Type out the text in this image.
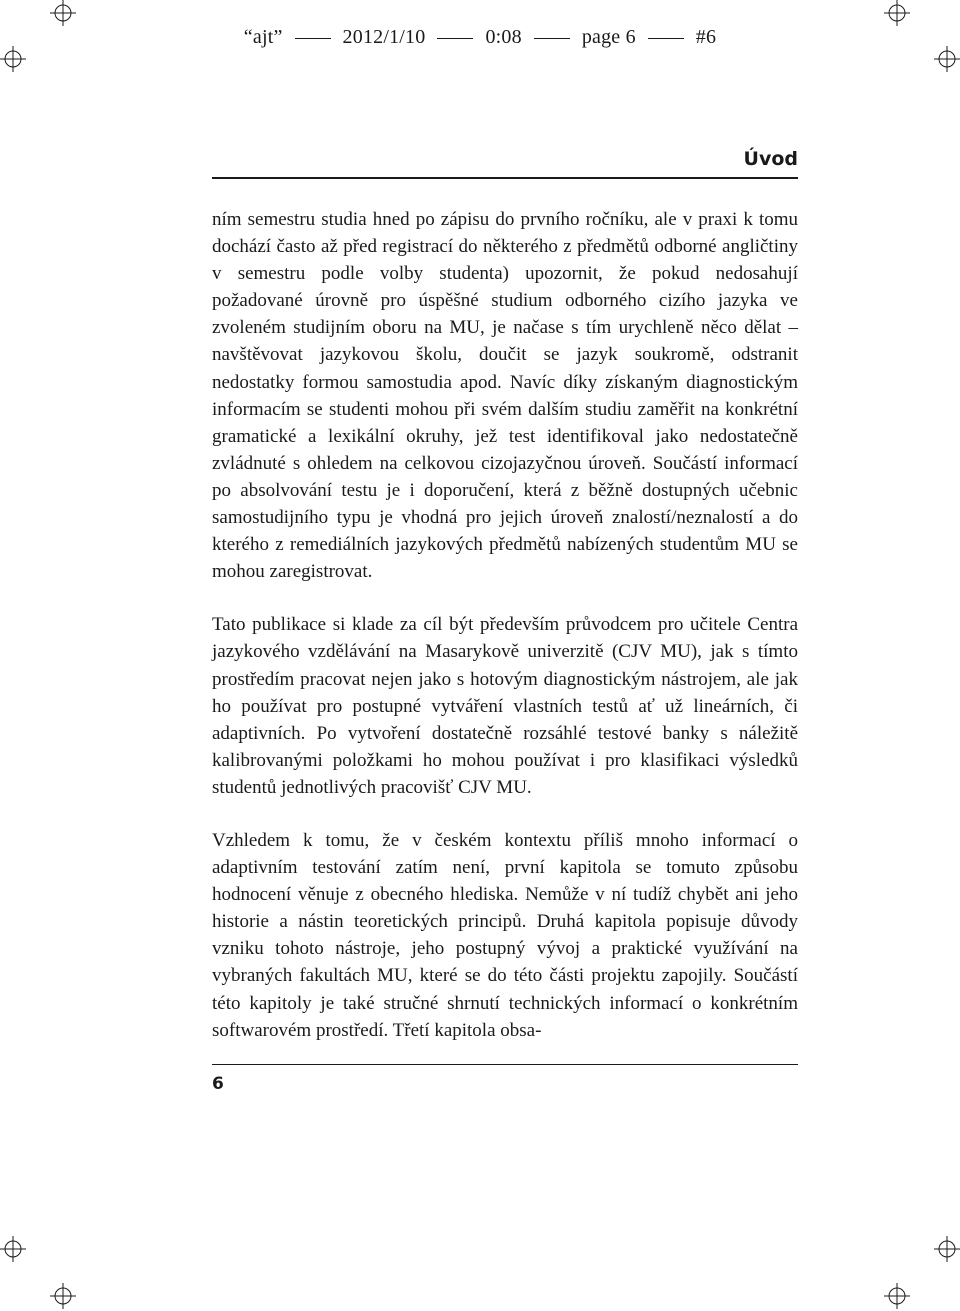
“ajt”	2012/1/10	0:08	page 6	#6
Úvod

ním semestru studia hned po zápisu do prvního ročníku, ale v praxi k tomu dochází často až před registrací do některého z předmětů odborné angličtiny v semestru podle volby studenta) upozornit, že pokud nedosahují požadované úrovně pro úspěšné studium odborného cizího jazyka ve zvoleném studijním oboru na MU, je načase s tím urychleně něco dělat – navštěvovat jazykovou školu, doučit se jazyk soukromě, odstranit nedostatky formou samostudia apod. Navíc díky získaným diagnostickým informacím se studenti mohou při svém dalším studiu zaměřit na konkrétní gramatické a lexikální okruhy, jež test identifikoval jako nedostatečně zvládnuté s ohledem na celkovou cizojazyčnou úroveň. Součástí informací po absolvování testu je i doporučení, která z běžně dostupných učebnic samostudijního typu je vhodná pro jejich úroveň znalostí/neznalostí a do kterého z remediálních jazykových předmětů nabízených studentům MU se mohou zaregistrovat.

Tato publikace si klade za cíl být především průvodcem pro učitele Centra jazykového vzdělávání na Masarykově univerzitě (CJV MU), jak s tímto prostředím pracovat nejen jako s hotovým diagnostickým nástrojem, ale jak ho používat pro postupné vytváření vlastních testů ať už lineárních, či adaptivních. Po vytvoření dostatečně rozsáhlé testové banky s náležitě kalibrovanými položkami ho mohou používat i pro klasifikaci výsledků studentů jednotlivých pracovišť CJV MU.

Vzhledem k tomu, že v českém kontextu příliš mnoho informací o adaptivním testování zatím není, první kapitola se tomuto způsobu hodnocení věnuje z obecného hlediska. Nemůže v ní tudíž chybět ani jeho historie a nástin teoretických principů. Druhá kapitola popisuje důvody vzniku tohoto nástroje, jeho postupný vývoj a praktické využívání na vybraných fakultách MU, které se do této části projektu zapojily. Součástí této kapitoly je také stručné shrnutí technických informací o konkrétním softwarovém prostředí. Třetí kapitola obsa-

6
